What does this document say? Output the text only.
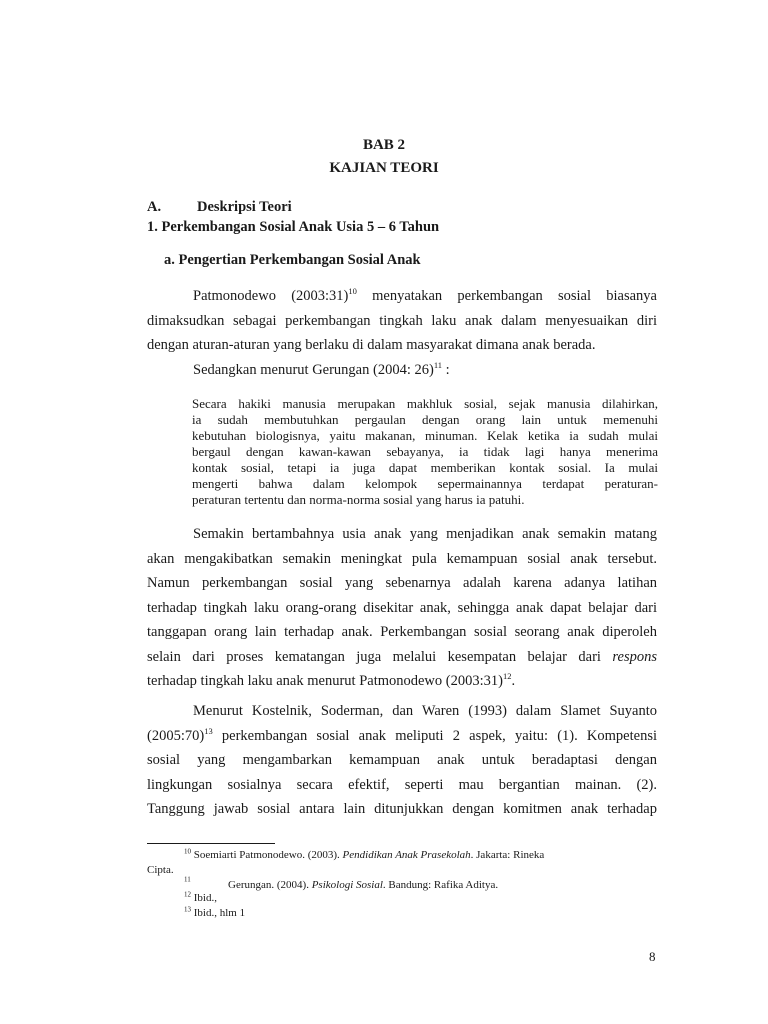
BAB 2

KAJIAN TEORI

A. Deskripsi Teori

1. Perkembangan Sosial Anak Usia 5 – 6 Tahun

a. Pengertian Perkembangan Sosial Anak

Patmonodewo (2003:31)$^{10}$ menyatakan perkembangan sosial biasanya
dimaksudkan sebagai perkembangan tingkah laku anak dalam menyesuaikan diri
dengan aturan-aturan yang berlaku di dalam masyarakat dimana anak berada.

Sedangkan menurut Gerungan (2004: 26)$^{11}$ :

Secara hakiki manusia merupakan makhluk sosial, sejak manusia dilahirkan,
ia sudah membutuhkan pergaulan dengan orang lain untuk memenuhi
kebutuhan biologisnya, yaitu makanan, minuman. Kelak ketika ia sudah mulai
bergaul dengan kawan-kawan sebayanya, ia tidak lagi hanya menerima
kontak sosial, tetapi ia juga dapat memberikan kontak sosial. Ia mulai
mengerti bahwa dalam kelompok sepermainannya terdapat peraturan-
peraturan tertentu dan norma-norma sosial yang harus ia patuhi.
Semakin bertambahnya usia anak yang menjadikan anak semakin matang
akan mengakibatkan semakin meningkat pula kemampuan sosial anak tersebut.
Namun perkembangan sosial yang sebenarnya adalah karena adanya latihan
terhadap tingkah laku orang-orang disekitar anak, sehingga anak dapat belajar dari
tanggapan orang lain terhadap anak. Perkembangan sosial seorang anak diperoleh
selain dari proses kematangan juga melalui kesempatan belajar dari respons
terhadap tingkah laku anak menurut Patmonodewo (2003:31)$^{12}$.
Menurut Kostelnik, Soderman, dan Waren (1993) dalam Slamet Suyanto
(2005:70)$^{13}$ perkembangan sosial anak meliputi 2 aspek, yaitu: (1). Kompetensi
sosial yang mengambarkan kemampuan anak untuk beradaptasi dengan
lingkungan sosialnya secara efektif, seperti mau bergantian mainan. (2).
Tanggung jawab sosial antara lain ditunjukkan dengan komitmen anak terhadap

$^{10}$ Soemiarti Patmonodewo. (2003). Pendidikan Anak Prasekolah. Jakarta: Rineka

Cipta.

$^{11}$	Gerungan. (2004). Psikologi Sosial. Bandung: Rafika Aditya.

$^{12}$ Ibid.,

$^{13}$ Ibid., hlm 1

8
